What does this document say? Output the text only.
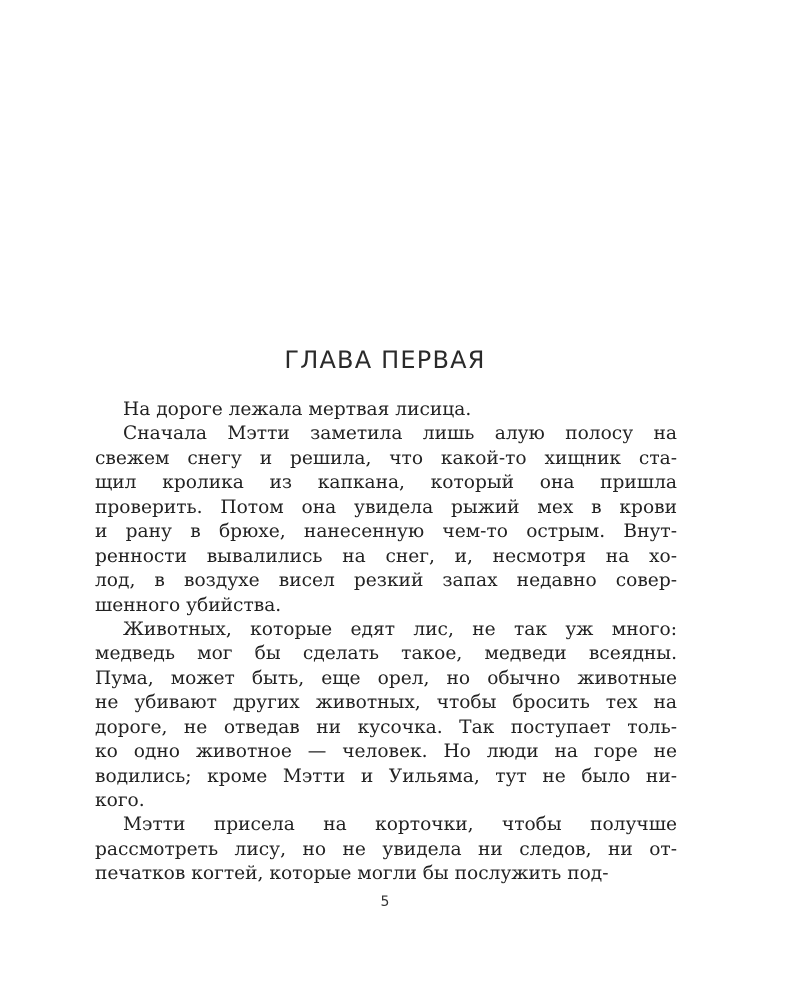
ГЛАВА ПЕРВАЯ
На дороге лежала мертвая лисица.
Сначала Мэтти заметила лишь алую полосу на
свежем снегу и решила, что какой-то хищник ста-
щил кролика из капкана, который она пришла
проверить. Потом она увидела рыжий мех в крови
и рану в брюхе, нанесенную чем-то острым. Внут-
ренности вывалились на снег, и, несмотря на хо-
лод, в воздухе висел резкий запах недавно совер-
шенного убийства.
Животных, которые едят лис, не так уж много:
медведь мог бы сделать такое, медведи всеядны.
Пума, может быть, еще орел, но обычно животные
не убивают других животных, чтобы бросить тех на
дороге, не отведав ни кусочка. Так поступает толь-
ко одно животное — человек. Но люди на горе не
водились; кроме Мэтти и Уильяма, тут не было ни-
кого.
Мэтти присела на корточки, чтобы получше
рассмотреть лису, но не увидела ни следов, ни от-
печатков когтей, которые могли бы послужить под-
5
